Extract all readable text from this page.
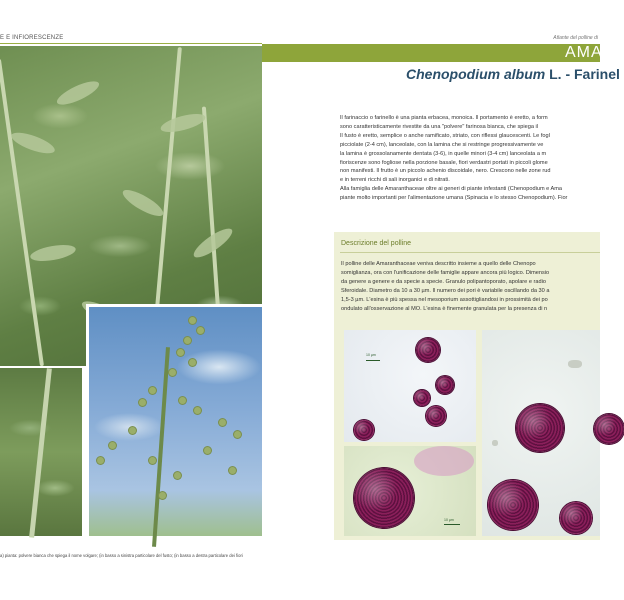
E E INFIORESCENZE
a) pianta: polvere bianca che spiega il nome volgare; (in basso a sinistra particolare del fusto; (in basso a destra particolare dei fiori
Atlante del polline di
AMA
Chenopodium album L. - Farinel

Il farinaccio o farinello è una pianta erbacea, monoica. Il portamento è eretto, a form

sono caratteristicamente rivestite da una "polvere" farinosa bianca, che spiega il

Il fusto è eretto, semplice o anche ramificato, striato, con riflessi glaucescenti. Le fogl

picciolate (2-4 cm), lanceolate, con la lamina che si restringe progressivamente ve

la lamina è grossolanamente dentata (3-6), in quelle minori (3-4 cm) lanceolata a m

fioriscenze sono fogliose nella porzione basale, fiori verdastri portati in piccoli glome

non manifesti. Il frutto è un piccolo achenio discoidale, nero. Crescono nelle zone rud

e in terreni ricchi di sali inorganici e di nitrati.

Alla famiglia delle Amaranthaceae oltre ai generi di piante infestanti (Chenopodium e Ama

piante molto importanti per l'alimentazione umana (Spinacia e lo stesso Chenopodium). Fior

Descrizione del polline

Il polline delle Amaranthaceae veniva descritto insieme a quello delle Chenopo

somiglianza, ora con l'unificazione delle famiglie appare ancora più logico. Dimensio

da genere a genere e da specie a specie. Granulo polipantoporato, apolare e radio

Sferoidale. Diametro da 10 a 30 µm. Il numero dei pori è variabile oscillando da 30 a

1,5-3 µm. L'esina è più spessa nel mesoporium assottigliandosi in prossimità dei po

ondulato all'osservazione al MO. L'esina è finemente granulata per la presenza di n

10 µm
10 µm
